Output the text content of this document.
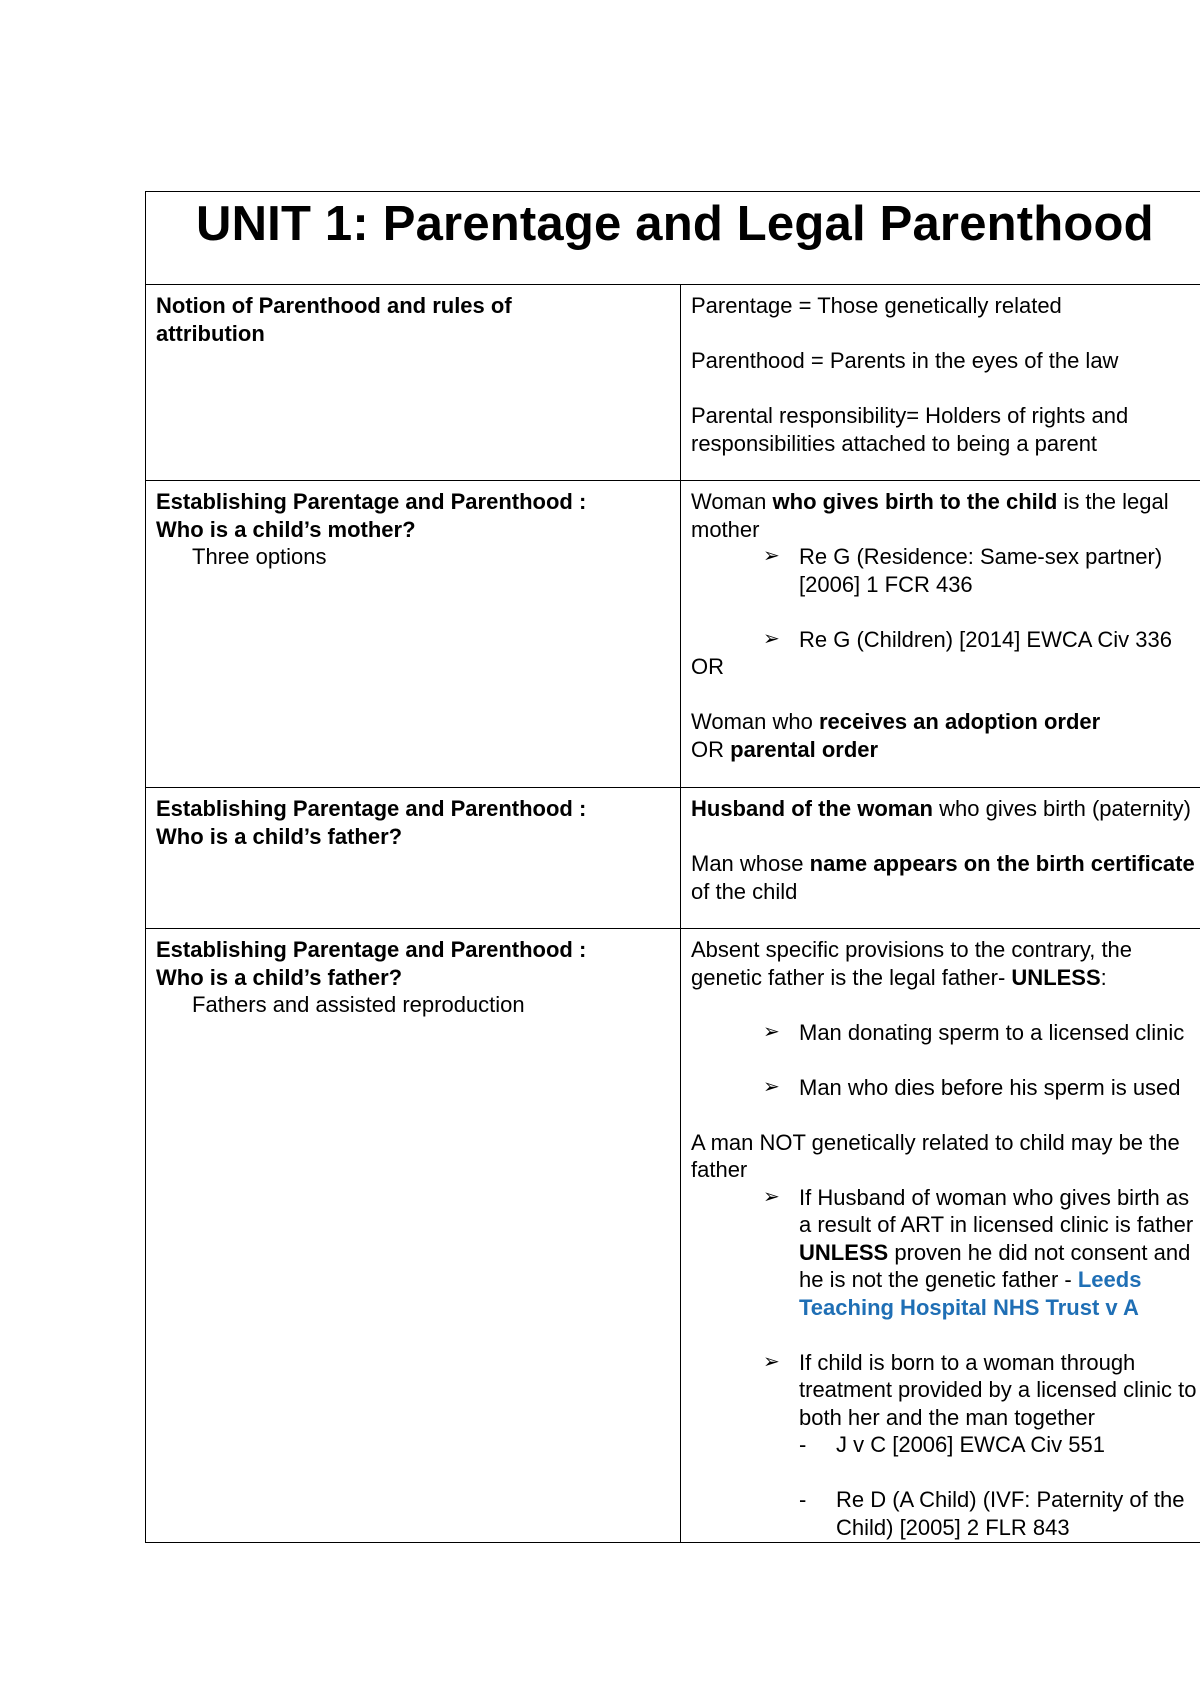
UNIT 1: Parentage and Legal Parenthood
Notion of Parenthood and rules of
attribution
Parentage = Those genetically related
Parenthood = Parents in the eyes of the law
Parental responsibility= Holders of rights and
responsibilities attached to being a parent
Establishing Parentage and Parenthood :
Who is a child’s mother?
Three options
Woman who gives birth to the child is the legal
mother
➢ Re G (Residence: Same-sex partner)
[2006] 1 FCR 436
➢ Re G (Children) [2014] EWCA Civ 336
OR
Woman who receives an adoption order
OR parental order
Establishing Parentage and Parenthood :
Who is a child’s father?
Husband of the woman who gives birth (paternity)
Man whose name appears on the birth certificate
of the child
Establishing Parentage and Parenthood :
Who is a child’s father?
Fathers and assisted reproduction
Absent specific provisions to the contrary, the
genetic father is the legal father- UNLESS:
➢ Man donating sperm to a licensed clinic
➢ Man who dies before his sperm is used
A man NOT genetically related to child may be the
father
➢ If Husband of woman who gives birth as
a result of ART in licensed clinic is father
UNLESS proven he did not consent and
he is not the genetic father - Leeds
Teaching Hospital NHS Trust v A
➢ If child is born to a woman through
treatment provided by a licensed clinic to
both her and the man together
- J v C [2006] EWCA Civ 551
- Re D (A Child) (IVF: Paternity of the
Child) [2005] 2 FLR 843
